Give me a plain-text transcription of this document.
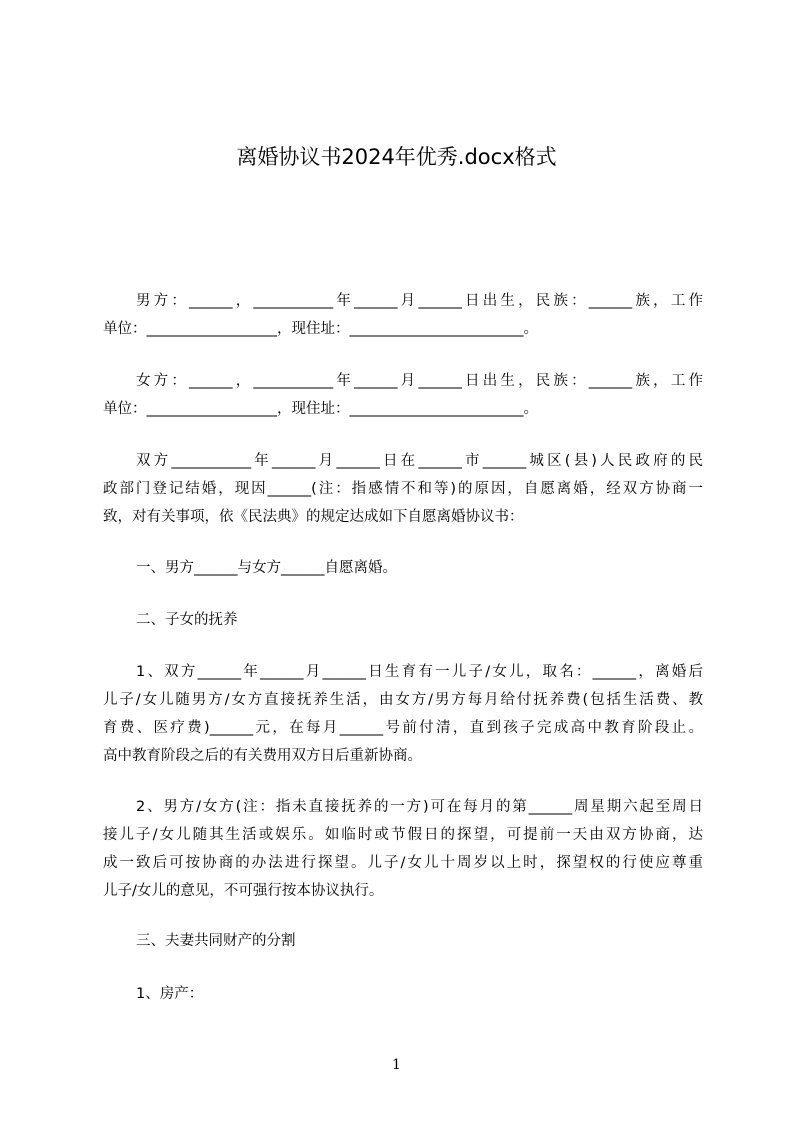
离婚协议书2024年优秀.docx格式
男方：______，___________年______月______日出生，民族：______族，工作
单位：__________________，现住址：________________________。
女方：______，___________年______月______日出生，民族：______族，工作
单位：__________________，现住址：________________________。
双方___________年______月______日在______市______城区(县)人民政府的民
政部门登记结婚，现因______(注：指感情不和等)的原因，自愿离婚，经双方协商一
致，对有关事项，依《民法典》的规定达成如下自愿离婚协议书：
一、男方______与女方______自愿离婚。
二、子女的抚养
1、双方______年______月______日生育有一儿子/女儿，取名：______，离婚后
儿子/女儿随男方/女方直接抚养生活，由女方/男方每月给付抚养费(包括生活费、教
育费、医疗费)______元，在每月______号前付清，直到孩子完成高中教育阶段止。
高中教育阶段之后的有关费用双方日后重新协商。
2、男方/女方(注：指未直接抚养的一方)可在每月的第______周星期六起至周日
接儿子/女儿随其生活或娱乐。如临时或节假日的探望，可提前一天由双方协商，达
成一致后可按协商的办法进行探望。儿子/女儿十周岁以上时，探望权的行使应尊重
儿子/女儿的意见，不可强行按本协议执行。
三、夫妻共同财产的分割
1、房产：
1
